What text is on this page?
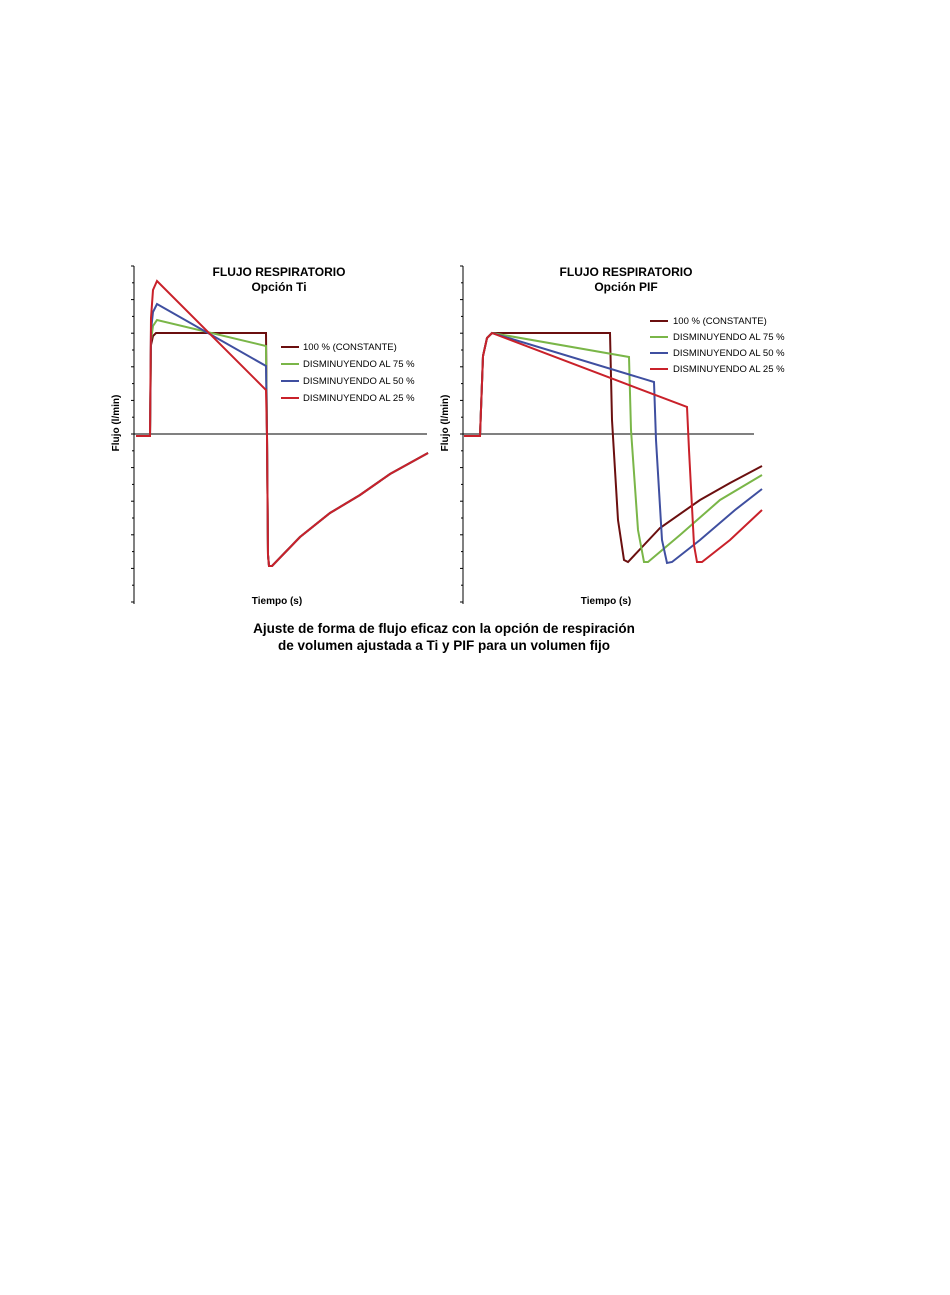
FLUJO RESPIRATORIO
Opción Ti
Flujo (l/min)
Tiempo (s)
100 % (CONSTANTE)
DISMINUYENDO AL 75 %
DISMINUYENDO AL 50 %
DISMINUYENDO AL 25 %
FLUJO RESPIRATORIO
Opción PIF
Flujo (l/min)
Tiempo (s)
100 % (CONSTANTE)
DISMINUYENDO AL 75 %
DISMINUYENDO AL 50 %
DISMINUYENDO AL 25 %
Ajuste de forma de flujo eficaz con la opción de respiración
de volumen ajustada a Ti y PIF para un volumen fijo
